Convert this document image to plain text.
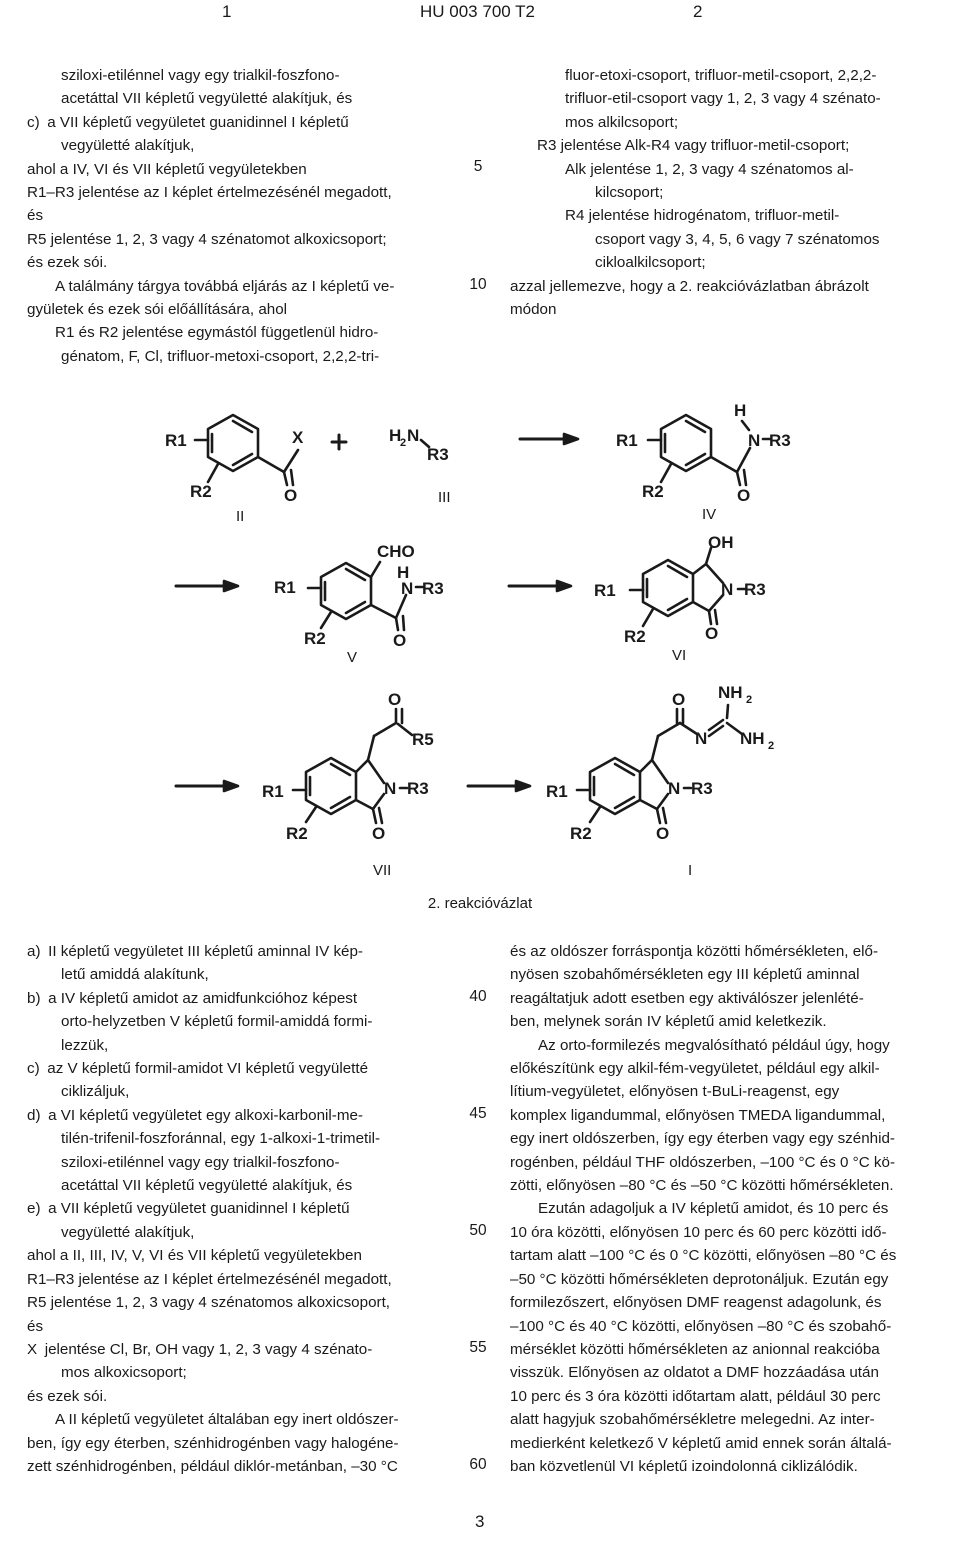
1	HU 003 700 T2	2

sziloxi-etilénnel vagy egy trialkil-foszfono-

acetáttal VII képletű vegyületté alakítjuk, és

c) a VII képletű vegyületet guanidinnel I képletű

vegyületté alakítjuk,

ahol a IV, VI és VII képletű vegyületekben

R1–R3 jelentése az I képlet értelmezésénél megadott,

és

R5 jelentése 1, 2, 3 vagy 4 szénatomot alkoxicsoport;

és ezek sói.

A találmány tárgya továbbá eljárás az I képletű ve-

gyületek és ezek sói előállítására, ahol

R1 és R2 jelentése egymástól függetlenül hidro-

génatom, F, Cl, trifluor-metoxi-csoport, 2,2,2-tri-

5
10

fluor-etoxi-csoport, trifluor-metil-csoport, 2,2,2-

trifluor-etil-csoport vagy 1, 2, 3 vagy 4 szénato-

mos alkilcsoport;

R3 jelentése Alk-R4 vagy trifluor-metil-csoport;

Alk jelentése 1, 2, 3 vagy 4 szénatomos al-

kilcsoport;

R4 jelentése hidrogénatom, trifluor-metil-

csoport vagy 3, 4, 5, 6 vagy 7 szénatomos

cikloalkilcsoport;

azzal jellemezve, hogy a 2. reakcióvázlatban ábrázolt

módon

R1
R2
X
O
H
2 N
R3
R1
R2
H
N R3
O
II
III
IV
CHO
R1
R2
H
N R3
O
V
OH
R1
R2
N R3
O
VI
O
R5
R1
R2
N R3
O
VII
O
N
NH 2
NH 2
R1
R2
N R3
O
I
2. reakcióvázlat

a) II képletű vegyületet III képletű aminnal IV kép-

letű amiddá alakítunk,

b) a IV képletű amidot az amidfunkcióhoz képest

orto-helyzetben V képletű formil-amiddá formi-

lezzük,

c) az V képletű formil-amidot VI képletű vegyületté

ciklizáljuk,

d) a VI képletű vegyületet egy alkoxi-karbonil-me-

tilén-trifenil-foszforánnal, egy 1-alkoxi-1-trimetil-

sziloxi-etilénnel vagy egy trialkil-foszfono-

acetáttal VII képletű vegyületté alakítjuk, és

e) a VII képletű vegyületet guanidinnel I képletű

vegyületté alakítjuk,

ahol a II, III, IV, V, VI és VII képletű vegyületekben

R1–R3 jelentése az I képlet értelmezésénél megadott,

R5 jelentése 1, 2, 3 vagy 4 szénatomos alkoxicsoport,

és

X jelentése Cl, Br, OH vagy 1, 2, 3 vagy 4 szénato-

mos alkoxicsoport;

és ezek sói.

A II képletű vegyületet általában egy inert oldószer-

ben, így egy éterben, szénhidrogénben vagy halogéne-

zett szénhidrogénben, például diklór-metánban, –30 °C

40
45
50
55
60

és az oldószer forráspontja közötti hőmérsékleten, elő-

nyösen szobahőmérsékleten egy III képletű aminnal

reagáltatjuk adott esetben egy aktiválószer jelenlété-

ben, melynek során IV képletű amid keletkezik.

Az orto-formilezés megvalósítható például úgy, hogy

előkészítünk egy alkil-fém-vegyületet, például egy alkil-

lítium-vegyületet, előnyösen t-BuLi-reagenst, egy

komplex ligandummal, előnyösen TMEDA ligandummal,

egy inert oldószerben, így egy éterben vagy egy szénhid-

rogénben, például THF oldószerben, –100 °C és 0 °C kö-

zötti, előnyösen –80 °C és –50 °C közötti hőmérsékleten.

Ezután adagoljuk a IV képletű amidot, és 10 perc és

10 óra közötti, előnyösen 10 perc és 60 perc közötti idő-

tartam alatt –100 °C és 0 °C közötti, előnyösen –80 °C és

–50 °C közötti hőmérsékleten deprotonáljuk. Ezután egy

formilezőszert, előnyösen DMF reagenst adagolunk, és

–100 °C és 40 °C közötti, előnyösen –80 °C és szobahő-

mérséklet közötti hőmérsékleten az anionnal reakcióba

visszük. Előnyösen az oldatot a DMF hozzáadása után

10 perc és 3 óra közötti időtartam alatt, például 30 perc

alatt hagyjuk szobahőmérsékletre melegedni. Az inter-

medierként keletkező V képletű amid ennek során általá-

ban közvetlenül VI képletű izoindolonná ciklizálódik.

3
